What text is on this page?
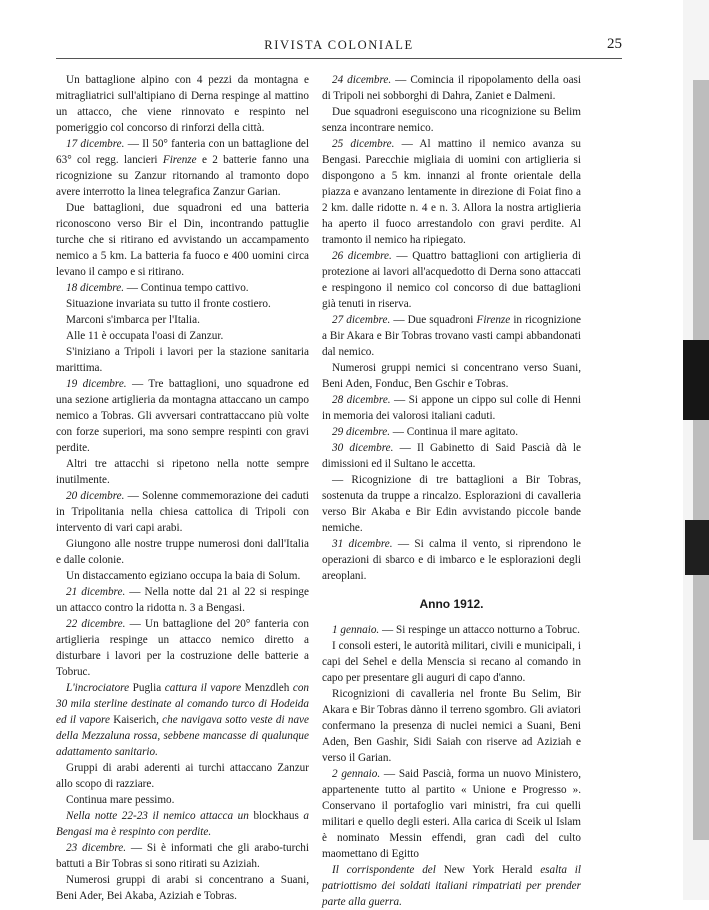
RIVISTA COLONIALE	25

Un battaglione alpino con 4 pezzi da montagna e mitragliatrici sull'altipiano di Derna respinge al mattino un attacco, che viene rinnovato e respinto nel pomeriggio col concorso di rinforzi della città.

17 dicembre. — Il 50° fanteria con un battaglione del 63° col regg. lancieri Firenze e 2 batterie fanno una ricognizione su Zanzur ritornando al tramonto dopo avere interrotto la linea telegrafica Zanzur Garian.

Due battaglioni, due squadroni ed una batteria riconoscono verso Bir el Din, incontrando pattuglie turche che si ritirano ed avvistando un accampamento nemico a 5 km. La batteria fa fuoco e 400 uomini circa levano il campo e si ritirano.

18 dicembre. — Continua tempo cattivo.

Situazione invariata su tutto il fronte costiero.

Marconi s'imbarca per l'Italia.

Alle 11 è occupata l'oasi di Zanzur.

S'iniziano a Tripoli i lavori per la stazione sanitaria marittima.

19 dicembre. — Tre battaglioni, uno squadrone ed una sezione artiglieria da montagna attaccano un campo nemico a Tobras. Gli avversari contrattaccano più volte con forze superiori, ma sono sempre respinti con gravi perdite.

Altri tre attacchi si ripetono nella notte sempre inutilmente.

20 dicembre. — Solenne commemorazione dei caduti in Tripolitania nella chiesa cattolica di Tripoli con intervento di vari capi arabi.

Giungono alle nostre truppe numerosi doni dall'Italia e dalle colonie.

Un distaccamento egiziano occupa la baia di Solum.

21 dicembre. — Nella notte dal 21 al 22 si respinge un attacco contro la ridotta n. 3 a Bengasi.

22 dicembre. — Un battaglione del 20° fanteria con artiglieria respinge un attacco nemico diretto a disturbare i lavori per la costruzione delle batterie a Tobruc.

L'incrociatore Puglia cattura il vapore Menzdleh con 30 mila sterline destinate al comando turco di Hodeida ed il vapore Kaiserich, che navigava sotto veste di nave della Mezzaluna rossa, sebbene mancasse di qualunque adattamento sanitario.

Gruppi di arabi aderenti ai turchi attaccano Zanzur allo scopo di razziare.

Continua mare pessimo.

Nella notte 22-23 il nemico attacca un blockhaus a Bengasi ma è respinto con perdite.

23 dicembre. — Si è informati che gli arabo-turchi battuti a Bir Tobras si sono ritirati su Aziziah.

Numerosi gruppi di arabi si concentrano a Suani, Beni Ader, Bei Akaba, Aziziah e Tobras.

24 dicembre. — Comincia il ripopolamento della oasi di Tripoli nei sobborghi di Dahra, Zaniet e Dalmeni.

Due squadroni eseguiscono una ricognizione su Belim senza incontrare nemico.

25 dicembre. — Al mattino il nemico avanza su Bengasi. Parecchie migliaia di uomini con artiglieria si dispongono a 5 km. innanzi al fronte orientale della piazza e avanzano lentamente in direzione di Foiat fino a 2 km. dalle ridotte n. 4 e n. 3. Allora la nostra artiglieria ha aperto il fuoco arrestandolo con gravi perdite. Al tramonto il nemico ha ripiegato.

26 dicembre. — Quattro battaglioni con artiglieria di protezione ai lavori all'acquedotto di Derna sono attaccati e respingono il nemico col concorso di due battaglioni già tenuti in riserva.

27 dicembre. — Due squadroni Firenze in ricognizione a Bir Akara e Bir Tobras trovano vasti campi abbandonati dal nemico.

Numerosi gruppi nemici si concentrano verso Suani, Beni Aden, Fonduc, Ben Gschir e Tobras.

28 dicembre. — Si appone un cippo sul colle di Henni in memoria dei valorosi italiani caduti.

29 dicembre. — Continua il mare agitato.

30 dicembre. — Il Gabinetto di Said Pascià dà le dimissioni ed il Sultano le accetta.

— Ricognizione di tre battaglioni a Bir Tobras, sostenuta da truppe a rincalzo. Esplorazioni di cavalleria verso Bir Akaba e Bir Edin avvistando piccole bande nemiche.

31 dicembre. — Si calma il vento, si riprendono le operazioni di sbarco e di imbarco e le esplorazioni degli areoplani.

Anno 1912.

1 gennaio. — Si respinge un attacco notturno a Tobruc.

I consoli esteri, le autorità militari, civili e municipali, i capi del Sehel e della Menscia si recano al comando in capo per presentare gli auguri di capo d'anno.

Ricognizioni di cavalleria nel fronte Bu Selim, Bir Akara e Bir Tobras dànno il terreno sgombro. Gli aviatori confermano la presenza di nuclei nemici a Suani, Beni Aden, Ben Gashir, Sidi Saiah con riserve ad Aziziah e verso il Garian.

2 gennaio. — Said Pascià, forma un nuovo Ministero, appartenente tutto al partito « Unione e Progresso ». Conservano il portafoglio vari ministri, fra cui quelli militari e quello degli esteri. Alla carica di Sceik ul Islam è nominato Messin effendi, gran cadì del culto maomettano di Egitto

Il corrispondente del New York Herald esalta il patriottismo dei soldati italiani rimpatriati per prender parte alla guerra.
